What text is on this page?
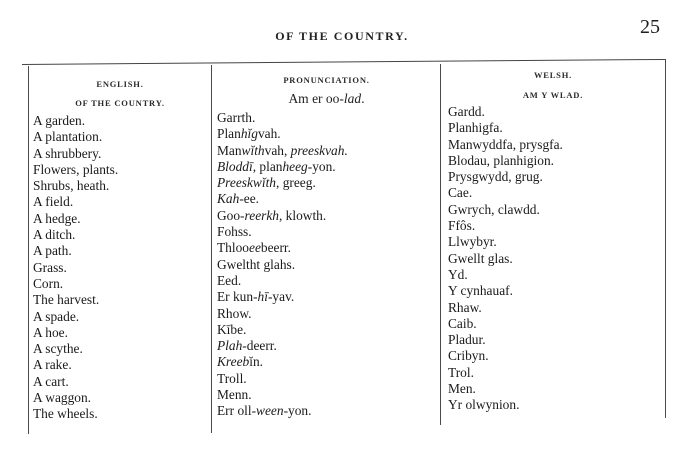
OF THE COUNTRY.	25
ENGLISH.
OF THE COUNTRY.
A garden.
A plantation.
A shrubbery.
Flowers, plants.
Shrubs, heath.
A field.
A hedge.
A ditch.
A path.
Grass.
Corn.
The harvest.
A spade.
A hoe.
A scythe.
A rake.
A cart.
A waggon.
The wheels.
PRONUNCIATION.
Am er oo-lad.
Garrth.
Planhĭgvah.
Manwĭthvah, preeskvah.
Bloddī, planheeg-yon.
Preeskwĭth, greeg.
Kah-ee.
Goo-reerkh, klowth.
Fohss.
Thlooeebeerr.
Gweltht glahs.
Eed.
Er kun-hī-yav.
Rhow.
Kībe.
Plah-deerr.
Kreebĭn.
Troll.
Menn.
Err oll-ween-yon.
WELSH.
AM Y WLAD.
Gardd.
Planhigfa.
Manwyddfa, prysgfa.
Blodau, planhigion.
Prysgwydd, grug.
Cae.
Gwrych, clawdd.
Ffôs.
Llwybyr.
Gwellt glas.
Yd.
Y cynhauaf.
Rhaw.
Caib.
Pladur.
Cribyn.
Trol.
Men.
Yr olwynion.
